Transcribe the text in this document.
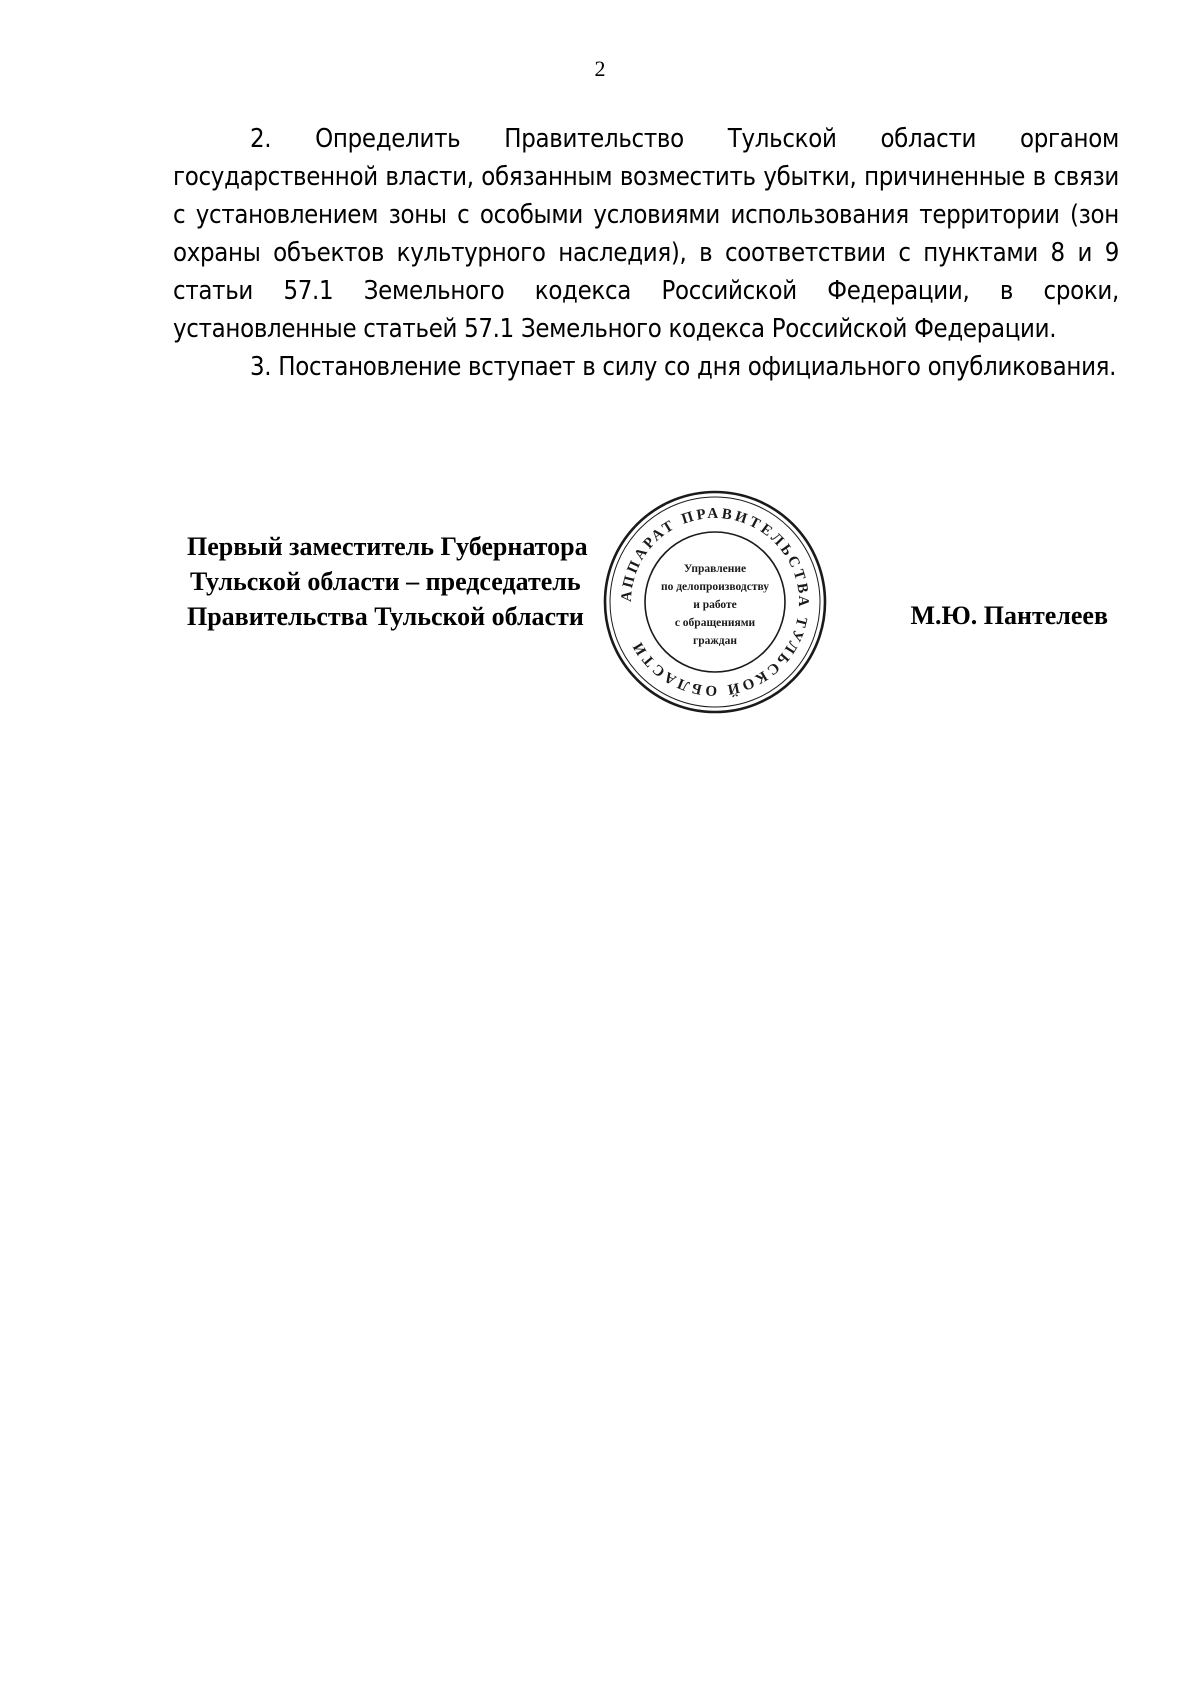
2

2. Определить Правительство Тульской области органом государственной власти, обязанным возместить убытки, причиненные в связи с установлением зоны с особыми условиями использования территории (зон охраны объектов культурного наследия), в соответствии с пунктами 8 и 9 статьи 57.1 Земельного кодекса Российской Федерации, в сроки, установленные статьей 57.1 Земельного кодекса Российской Федерации.

3. Постановление вступает в силу со дня официального опубликования.

Первый заместитель Губернатора
Тульской области – председатель
Правительства Тульской области	М.Ю. Пантелеев
АППАРАТ ПРАВИТЕЛЬСТВА ТУЛЬСКОЙ ОБЛАСТИ
Управление
по делопроизводству
и работе
с обращениями
граждан
